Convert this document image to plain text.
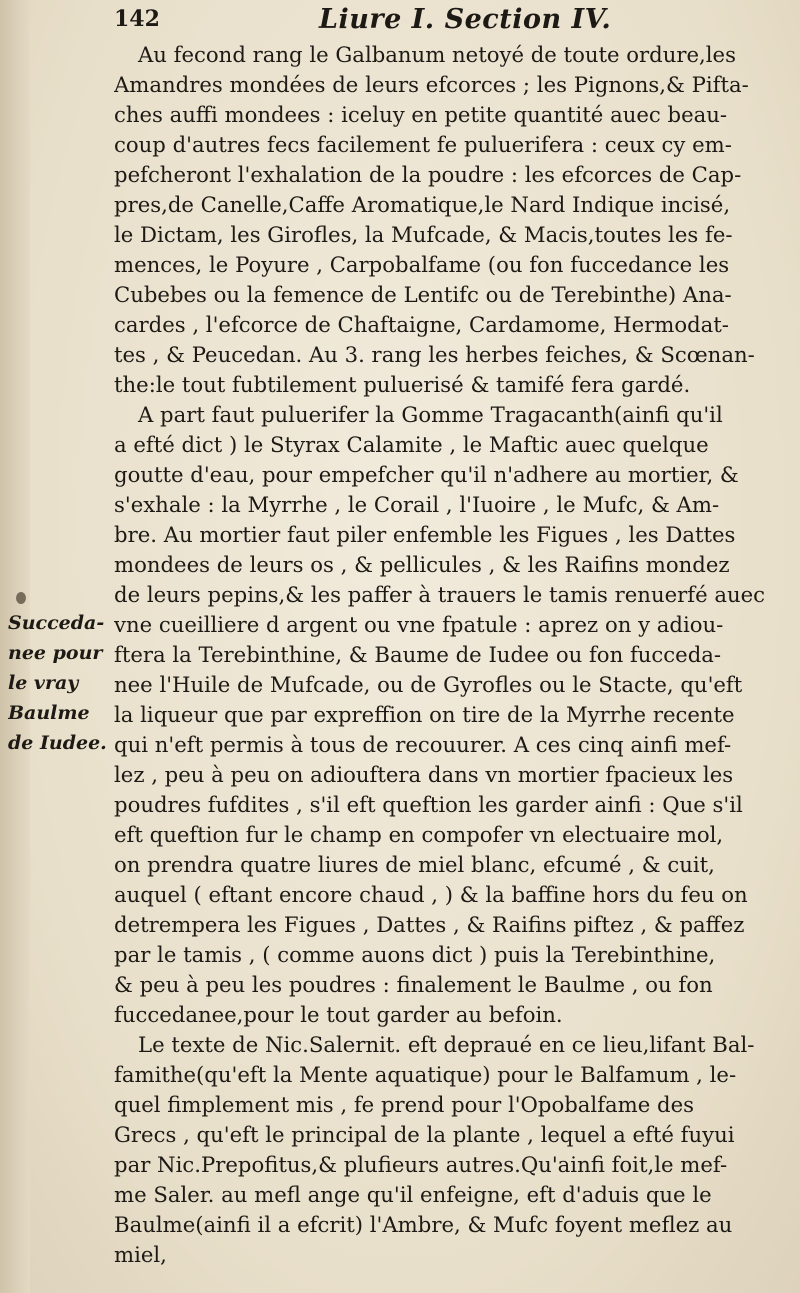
142	Liure I. Section IV.
Succeda-
nee pour
le vray
Baulme
de Iudee.
Au fecond rang le Galbanum netoyé de toute ordure,les
Amandres mondées de leurs efcorces ; les Pignons,& Pifta-
ches auffi mondees : iceluy en petite quantité auec beau-
coup d'autres fecs facilement fe puluerifera : ceux cy em-
pefcheront l'exhalation de la poudre : les efcorces de Cap-
pres,de Canelle,Caffe Aromatique,le Nard Indique incisé,
le Dictam, les Girofles, la Mufcade, & Macis,toutes les fe-
mences, le Poyure , Carpobalfame (ou fon fuccedance les
Cubebes ou la femence de Lentifc ou de Terebinthe) Ana-
cardes , l'efcorce de Chaftaigne, Cardamome, Hermodat-
tes , & Peucedan. Au 3. rang les herbes feiches, & Scœnan-
the:le tout fubtilement puluerisé & tamifé fera gardé.
A part faut puluerifer la Gomme Tragacanth(ainfi qu'il
a efté dict ) le Styrax Calamite , le Maftic auec quelque
goutte d'eau, pour empefcher qu'il n'adhere au mortier, &
s'exhale : la Myrrhe , le Corail , l'Iuoire , le Mufc, & Am-
bre. Au mortier faut piler enfemble les Figues , les Dattes
mondees de leurs os , & pellicules , & les Raifins mondez
de leurs pepins,& les paffer à trauers le tamis renuerfé auec
vne cueilliere d argent ou vne fpatule : aprez on y adiou-
ftera la Terebinthine, & Baume de Iudee ou fon fucceda-
nee l'Huile de Mufcade, ou de Gyrofles ou le Stacte, qu'eft
la liqueur que par expreffion on tire de la Myrrhe recente
qui n'eft permis à tous de recouurer. A ces cinq ainfi mef-
lez , peu à peu on adiouftera dans vn mortier fpacieux les
poudres fufdites , s'il eft queftion les garder ainfi : Que s'il
eft queftion fur le champ en compofer vn electuaire mol,
on prendra quatre liures de miel blanc, efcumé , & cuit,
auquel ( eftant encore chaud , ) & la baffine hors du feu on
detrempera les Figues , Dattes , & Raifins piftez , & paffez
par le tamis , ( comme auons dict ) puis la Terebinthine,
& peu à peu les poudres : finalement le Baulme , ou fon
fuccedanee,pour le tout garder au befoin.
Le texte de Nic.Salernit. eft depraué en ce lieu,lifant Bal-
famithe(qu'eft la Mente aquatique) pour le Balfamum , le-
quel fimplement mis , fe prend pour l'Opobalfame des
Grecs , qu'eft le principal de la plante , lequel a efté fuyui
par Nic.Prepofitus,& plufieurs autres.Qu'ainfi foit,le mef-
me Saler. au mefl ange qu'il enfeigne, eft d'aduis que le
Baulme(ainfi il a efcrit) l'Ambre, & Mufc foyent meflez au
miel,
